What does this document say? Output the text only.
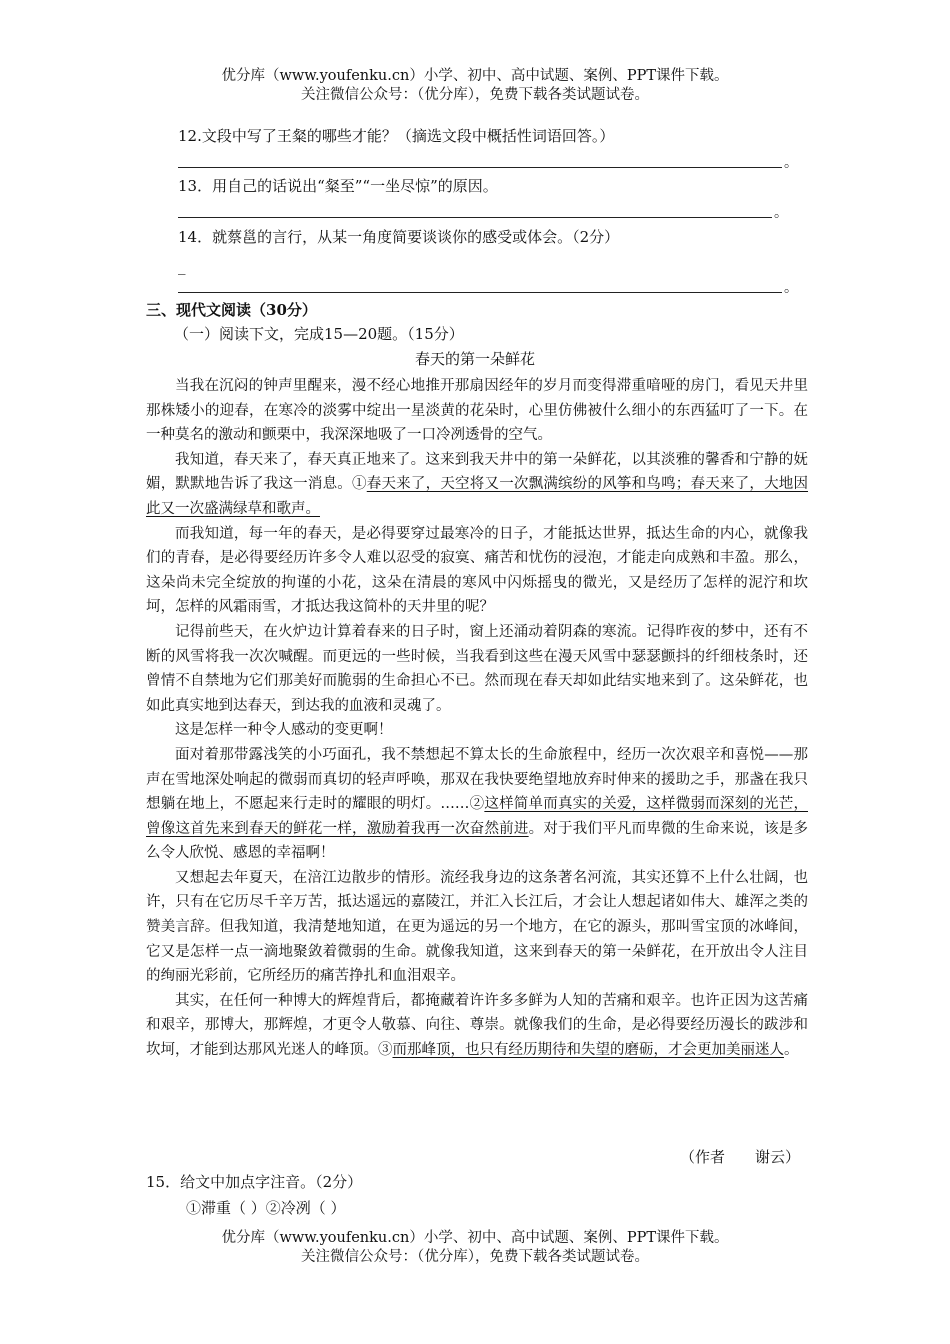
优分库（www.youfenku.cn）小学、初中、高中试题、案例、PPT课件下载。
关注微信公众号：（优分库），免费下载各类试题试卷。
12.文段中写了王粲的哪些才能？（摘选文段中概括性词语回答。）
。
13．用自己的话说出“粲至”“一坐尽惊”的原因。
。
14．就蔡邕的言行，从某一角度简要谈谈你的感受或体会。（2分）
_
。
三、现代文阅读（30分）
（一）阅读下文，完成15—20题。（15分）
春天的第一朵鲜花

当我在沉闷的钟声里醒来，漫不经心地推开那扇因经年的岁月而变得滞重喑哑的房门，看见天井里那株矮小的迎春，在寒冷的淡雾中绽出一星淡黄的花朵时，心里仿佛被什么细小的东西猛叮了一下。在一种莫名的激动和颤栗中，我深深地吸了一口冷冽透骨的空气。

我知道，春天来了，春天真正地来了。这来到我天井中的第一朵鲜花，以其淡雅的馨香和宁静的妩媚，默默地告诉了我这一消息。①春天来了，天空将又一次飘满缤纷的风筝和鸟鸣；春天来了，大地因此又一次盛满绿草和歌声。

而我知道，每一年的春天，是必得要穿过最寒冷的日子，才能抵达世界，抵达生命的内心，就像我们的青春，是必得要经历许多令人难以忍受的寂寞、痛苦和忧伤的浸泡，才能走向成熟和丰盈。那么，这朵尚未完全绽放的拘谨的小花，这朵在清晨的寒风中闪烁摇曳的微光，又是经历了怎样的泥泞和坎坷，怎样的风霜雨雪，才抵达我这简朴的天井里的呢？

记得前些天，在火炉边计算着春来的日子时，窗上还涌动着阴森的寒流。记得昨夜的梦中，还有不断的风雪将我一次次喊醒。而更远的一些时候，当我看到这些在漫天风雪中瑟瑟颤抖的纤细枝条时，还曾情不自禁地为它们那美好而脆弱的生命担心不已。然而现在春天却如此结实地来到了。这朵鲜花，也如此真实地到达春天，到达我的血液和灵魂了。

这是怎样一种令人感动的变更啊！

面对着那带露浅笑的小巧面孔，我不禁想起不算太长的生命旅程中，经历一次次艰辛和喜悦——那声在雪地深处响起的微弱而真切的轻声呼唤，那双在我快要绝望地放弃时伸来的援助之手，那盏在我只想躺在地上，不愿起来行走时的耀眼的明灯。……②这样简单而真实的关爱，这样微弱而深刻的光芒，曾像这首先来到春天的鲜花一样，激励着我再一次奋然前进。对于我们平凡而卑微的生命来说，该是多么令人欣悦、感恩的幸福啊！

又想起去年夏天，在涪江边散步的情形。流经我身边的这条著名河流，其实还算不上什么壮阔，也许，只有在它历尽千辛万苦，抵达遥远的嘉陵江，并汇入长江后，才会让人想起诸如伟大、雄浑之类的赞美言辞。但我知道，我清楚地知道，在更为遥远的另一个地方，在它的源头，那叫雪宝顶的冰峰间，它又是怎样一点一滴地聚敛着微弱的生命。就像我知道，这来到春天的第一朵鲜花，在开放出令人注目的绚丽光彩前，它所经历的痛苦挣扎和血泪艰辛。

其实，在任何一种博大的辉煌背后，都掩藏着许许多多鲜为人知的苦痛和艰辛。也许正因为这苦痛和艰辛，那博大，那辉煌，才更令人敬慕、向往、尊崇。就像我们的生命，是必得要经历漫长的跋涉和坎坷，才能到达那风光迷人的峰顶。③而那峰顶，也只有经历期待和失望的磨砺，才会更加美丽迷人。

（作者　　谢云）
15．给文中加点字注音。（2分）
①滞重（ ）②冷冽（ ）
优分库（www.youfenku.cn）小学、初中、高中试题、案例、PPT课件下载。
关注微信公众号：（优分库），免费下载各类试题试卷。
